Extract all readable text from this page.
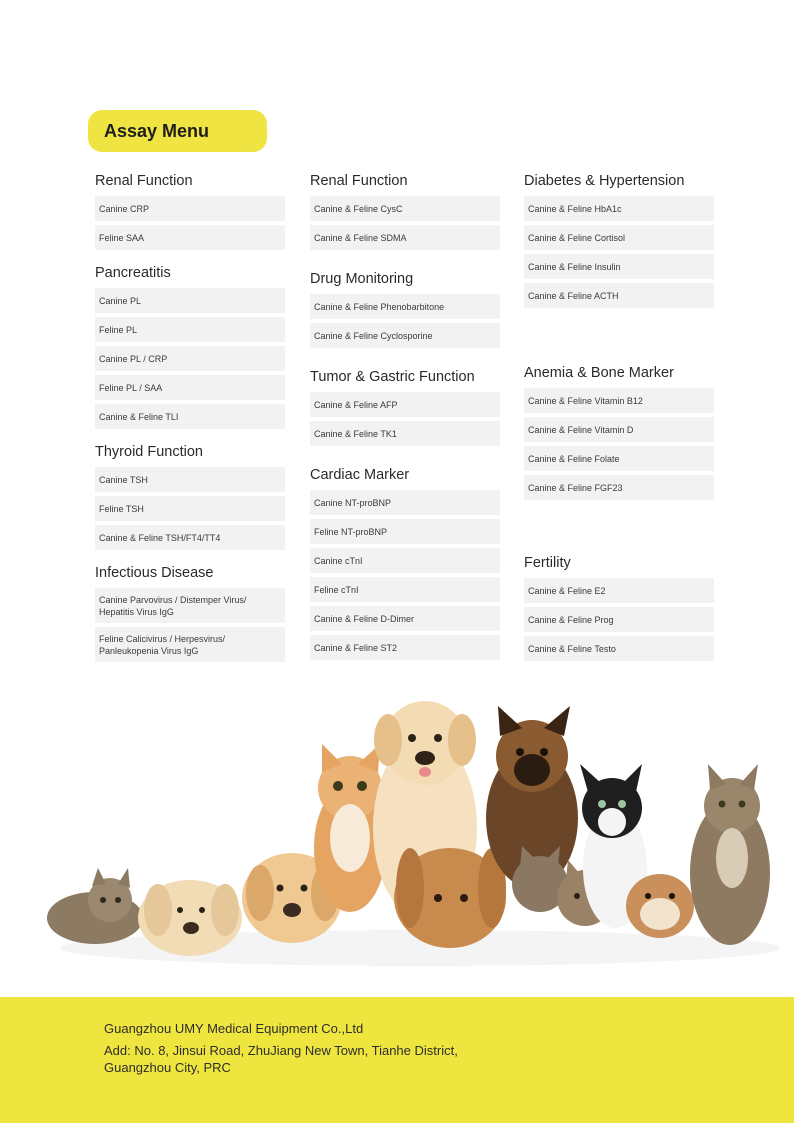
Assay Menu
Renal Function
Canine CRP
Feline SAA
Pancreatitis
Canine PL
Feline PL
Canine PL / CRP
Feline PL / SAA
Canine & Feline TLI
Thyroid Function
Canine TSH
Feline TSH
Canine & Feline TSH/FT4/TT4
Infectious Disease
Canine Parvovirus / Distemper Virus/ Hepatitis Virus IgG
Feline Calicivirus / Herpesvirus/ Panleukopenia Virus IgG
Renal Function
Canine & Feline CysC
Canine & Feline SDMA
Drug Monitoring
Canine & Feline Phenobarbitone
Canine & Feline Cyclosporine
Tumor & Gastric Function
Canine & Feline AFP
Canine & Feline TK1
Cardiac Marker
Canine NT-proBNP
Feline NT-proBNP
Canine cTnI
Feline cTnI
Canine & Feline D-Dimer
Canine & Feline ST2
Diabetes & Hypertension
Canine & Feline HbA1c
Canine & Feline Cortisol
Canine & Feline Insulin
Canine & Feline ACTH
Anemia & Bone Marker
Canine & Feline Vitamin B12
Canine & Feline Vitamin D
Canine & Feline Folate
Canine & Feline FGF23
Fertility
Canine & Feline E2
Canine & Feline Prog
Canine & Feline Testo
Guangzhou UMY Medical Equipment Co.,Ltd
Add: No. 8, Jinsui Road, ZhuJiang New Town, Tianhe District,
Guangzhou City, PRC
